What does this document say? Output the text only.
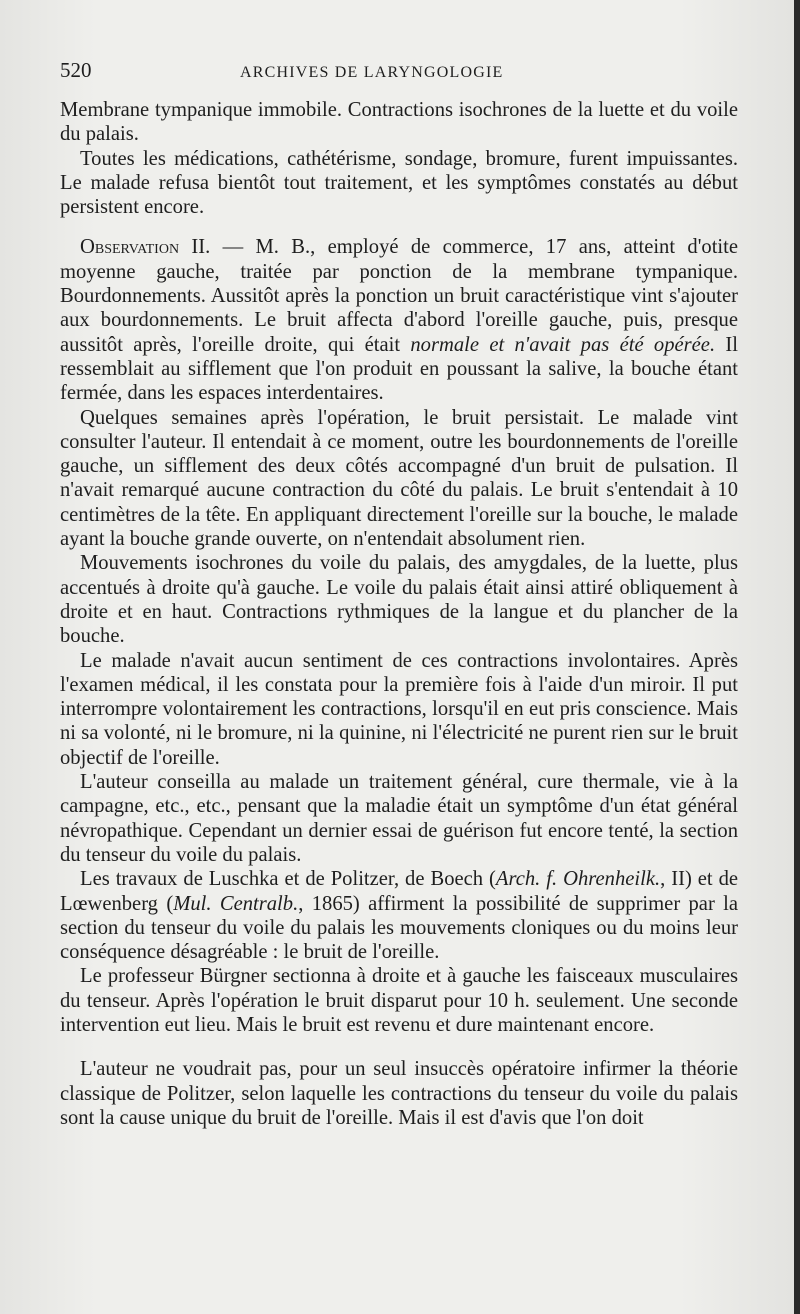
520	ARCHIVES DE LARYNGOLOGIE

Membrane tympanique immobile. Contractions isochrones de la luette et du voile du palais.

Toutes les médications, cathétérisme, sondage, bromure, furent impuissantes. Le malade refusa bientôt tout traitement, et les symptômes constatés au début persistent encore.

Observation II. — M. B., employé de commerce, 17 ans, atteint d'otite moyenne gauche, traitée par ponction de la membrane tympanique. Bourdonnements. Aussitôt après la ponction un bruit caractéristique vint s'ajouter aux bourdonnements. Le bruit affecta d'abord l'oreille gauche, puis, presque aussitôt après, l'oreille droite, qui était normale et n'avait pas été opérée. Il ressemblait au sifflement que l'on produit en poussant la salive, la bouche étant fermée, dans les espaces interdentaires.

Quelques semaines après l'opération, le bruit persistait. Le malade vint consulter l'auteur. Il entendait à ce moment, outre les bourdonnements de l'oreille gauche, un sifflement des deux côtés accompagné d'un bruit de pulsation. Il n'avait remarqué aucune contraction du côté du palais. Le bruit s'entendait à 10 centimètres de la tête. En appliquant directement l'oreille sur la bouche, le malade ayant la bouche grande ouverte, on n'entendait absolument rien.

Mouvements isochrones du voile du palais, des amygdales, de la luette, plus accentués à droite qu'à gauche. Le voile du palais était ainsi attiré obliquement à droite et en haut. Contractions rythmiques de la langue et du plancher de la bouche.

Le malade n'avait aucun sentiment de ces contractions involontaires. Après l'examen médical, il les constata pour la première fois à l'aide d'un miroir. Il put interrompre volontairement les contractions, lorsqu'il en eut pris conscience. Mais ni sa volonté, ni le bromure, ni la quinine, ni l'électricité ne purent rien sur le bruit objectif de l'oreille.

L'auteur conseilla au malade un traitement général, cure thermale, vie à la campagne, etc., etc., pensant que la maladie était un symptôme d'un état général névropathique. Cependant un dernier essai de guérison fut encore tenté, la section du tenseur du voile du palais.

Les travaux de Luschka et de Politzer, de Boech (Arch. f. Ohrenheilk., II) et de Lœwenberg (Mul. Centralb., 1865) affirment la possibilité de supprimer par la section du tenseur du voile du palais les mouvements cloniques ou du moins leur conséquence désagréable : le bruit de l'oreille.

Le professeur Bürgner sectionna à droite et à gauche les faisceaux musculaires du tenseur. Après l'opération le bruit disparut pour 10 h. seulement. Une seconde intervention eut lieu. Mais le bruit est revenu et dure maintenant encore.

L'auteur ne voudrait pas, pour un seul insuccès opératoire infirmer la théorie classique de Politzer, selon laquelle les contractions du tenseur du voile du palais sont la cause unique du bruit de l'oreille. Mais il est d'avis que l'on doit
